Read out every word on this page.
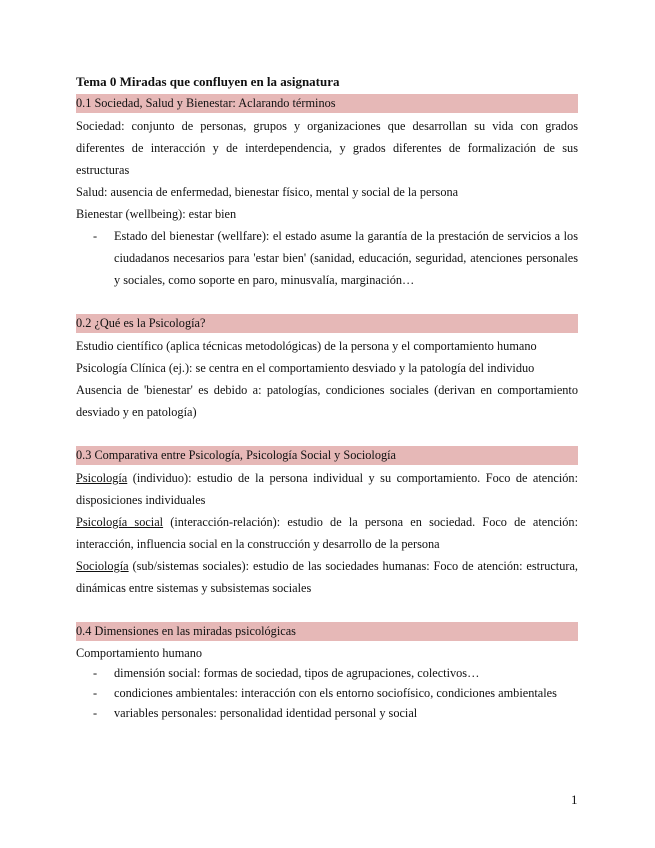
Tema 0 Miradas que confluyen en la asignatura
0.1 Sociedad, Salud y Bienestar: Aclarando términos
Sociedad: conjunto de personas, grupos y organizaciones que desarrollan su vida con grados diferentes de interacción y de interdependencia, y grados diferentes de formalización de sus estructuras
Salud: ausencia de enfermedad, bienestar físico, mental y social de la persona
Bienestar (wellbeing): estar bien
- Estado del bienestar (wellfare): el estado asume la garantía de la prestación de servicios a los ciudadanos necesarios para 'estar bien' (sanidad, educación, seguridad, atenciones personales y sociales, como soporte en paro, minusvalía, marginación…
0.2 ¿Qué es la Psicología?
Estudio científico (aplica técnicas metodológicas) de la persona y el comportamiento humano
Psicología Clínica (ej.): se centra en el comportamiento desviado y la patología del individuo
Ausencia de 'bienestar' es debido a: patologías, condiciones sociales (derivan en comportamiento desviado y en patología)
0.3 Comparativa entre Psicología, Psicología Social y Sociología
Psicología (individuo): estudio de la persona individual y su comportamiento. Foco de atención: disposiciones individuales
Psicología social (interacción-relación): estudio de la persona en sociedad. Foco de atención: interacción, influencia social en la construcción y desarrollo de la persona
Sociología (sub/sistemas sociales): estudio de las sociedades humanas: Foco de atención: estructura, dinámicas entre sistemas y subsistemas sociales
0.4 Dimensiones en las miradas psicológicas
Comportamiento humano
- dimensión social: formas de sociedad, tipos de agrupaciones, colectivos…
- condiciones ambientales: interacción con els entorno sociofísico, condiciones ambientales
- variables personales: personalidad identidad personal y social
1
